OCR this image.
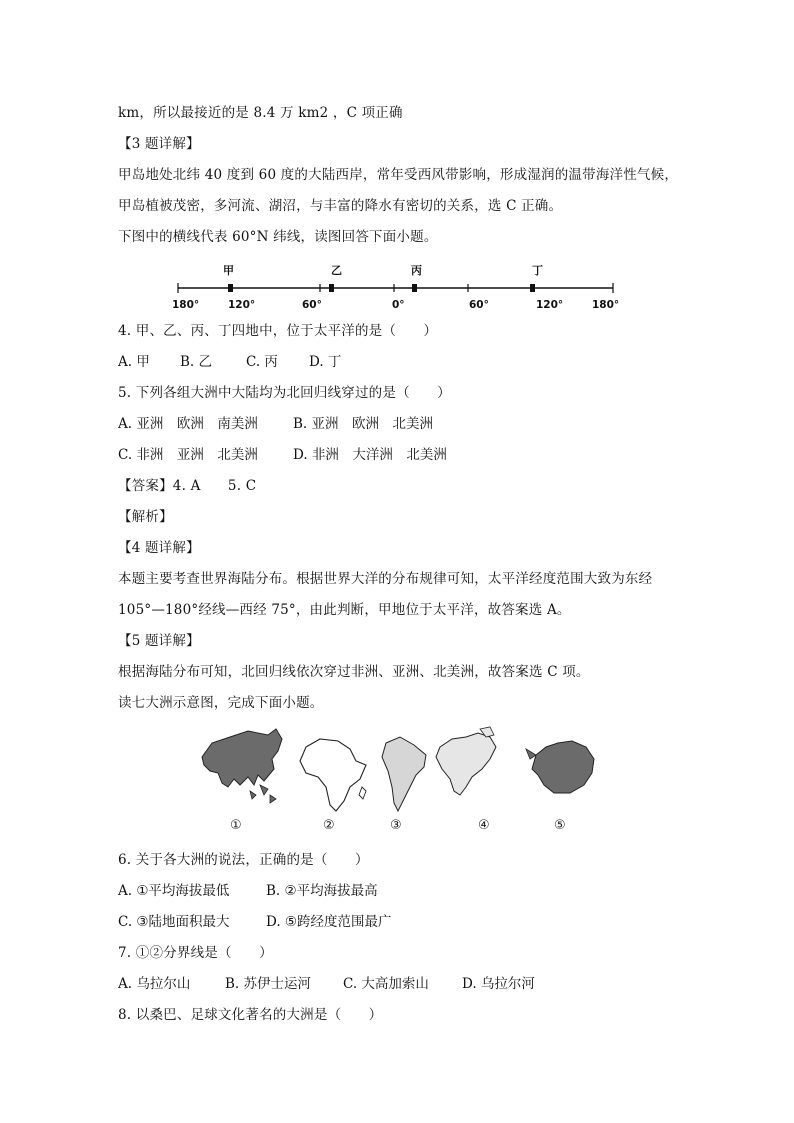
km，所以最接近的是 8.4 万 km2 ，C 项正确
【3 题详解】
甲岛地处北纬 40 度到 60 度的大陆西岸，常年受西风带影响，形成湿润的温带海洋性气候，
甲岛植被茂密，多河流、湖沼，与丰富的降水有密切的关系，选 C 正确。
下图中的横线代表 60°N 纬线，读图回答下面小题。
甲	乙	丙	丁
180°	120°	60°	0°	60°	120°	180°
4. 甲、乙、丙、丁四地中，位于太平洋的是（　　）
A. 甲 B. 乙	C. 丙 D. 丁
5. 下列各组大洲中大陆均为北回归线穿过的是（　　）
A. 亚洲　欧洲　南美洲	B. 亚洲　欧洲　北美洲
C. 非洲　亚洲　北美洲	D. 非洲　大洋洲　北美洲
【答案】4. A　　5. C
【解析】
【4 题详解】
本题主要考查世界海陆分布。根据世界大洋的分布规律可知，太平洋经度范围大致为东经
105°—180°经线—西经 75°，由此判断，甲地位于太平洋，故答案选 A。
【5 题详解】
根据海陆分布可知，北回归线依次穿过非洲、亚洲、北美洲，故答案选 C 项。
读七大洲示意图，完成下面小题。
①	②	③	④	⑤
6. 关于各大洲的说法，正确的是（　　）
A. ①平均海拔最低	B. ②平均海拔最高
C. ③陆地面积最大	D. ⑤跨经度范围最广
7. ①②分界线是（　　）
A. 乌拉尔山	B. 苏伊士运河 C. 大高加索山 D. 乌拉尔河
8. 以桑巴、足球文化著名的大洲是（　　）
